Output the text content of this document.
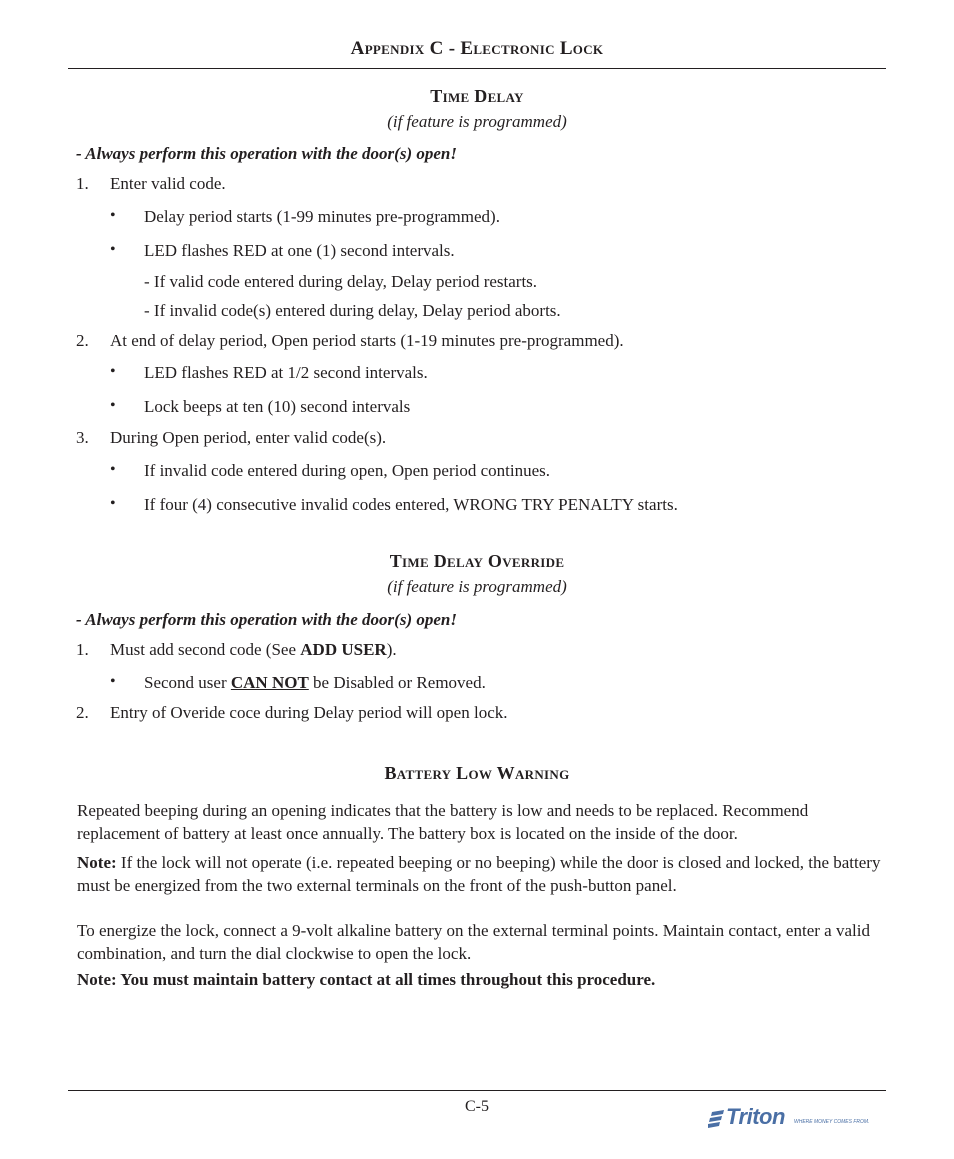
Appendix C - Electronic Lock
Time Delay
(if feature is programmed)
- Always perform this operation with the door(s) open!
1. Enter valid code.
• Delay period starts (1-99 minutes pre-programmed).
• LED flashes RED at one (1) second intervals.
- If valid code entered during delay, Delay period restarts.
- If invalid code(s) entered during delay, Delay period aborts.
2. At end of delay period, Open period starts (1-19 minutes pre-programmed).
• LED flashes RED at 1/2 second intervals.
• Lock beeps at ten (10) second intervals
3. During Open period, enter valid code(s).
• If invalid code entered during open, Open period continues.
• If four (4) consecutive invalid codes entered, WRONG TRY PENALTY starts.
Time Delay Override
(if feature is programmed)
- Always perform this operation with the door(s) open!
1. Must add second code (See ADD USER).
• Second user CAN NOT be Disabled or Removed.
2. Entry of Overide coce during Delay period will open lock.
Battery Low Warning
Repeated beeping during an opening indicates that the battery is low and needs to be replaced. Recommend replacement of battery at least once annually. The battery box is located on the inside of the door.
Note: If the lock will not operate (i.e. repeated beeping or no beeping) while the door is closed and locked, the battery must be energized from the two external terminals on the front of the push-button panel.
To energize the lock, connect a 9-volt alkaline battery on the external terminal points. Maintain contact, enter a valid combination, and turn the dial clockwise to open the lock.
Note: You must maintain battery contact at all times throughout this procedure.
C-5	Triton WHERE MONEY COMES FROM.
